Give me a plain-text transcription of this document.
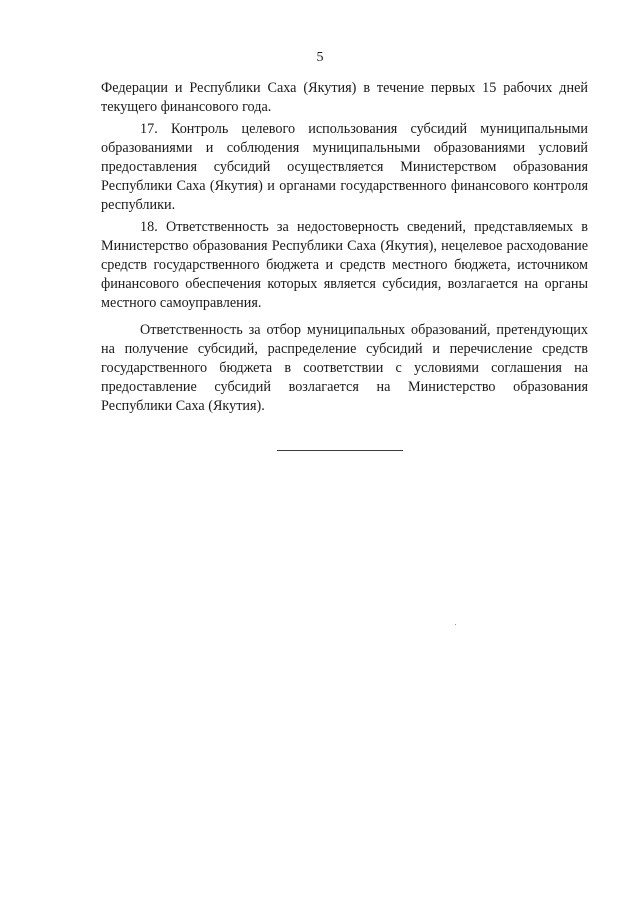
5

Федерации и Республики Саха (Якутия) в течение первых 15 рабочих дней текущего финансового года.

17. Контроль целевого использования субсидий муниципальными образованиями и соблюдения муниципальными образованиями условий предоставления субсидий осуществляется Министерством образования Республики Саха (Якутия) и органами государственного финансового контроля республики.

18. Ответственность за недостоверность сведений, представляемых в Министерство образования Республики Саха (Якутия), нецелевое расходование средств государственного бюджета и средств местного бюджета, источником финансового обеспечения которых является субсидия, возлагается на органы местного самоуправления.

Ответственность за отбор муниципальных образований, претендующих на получение субсидий, распределение субсидий и перечисление средств государственного бюджета в соответствии с условиями соглашения на предоставление субсидий возлагается на Министерство образования Республики Саха (Якутия).
